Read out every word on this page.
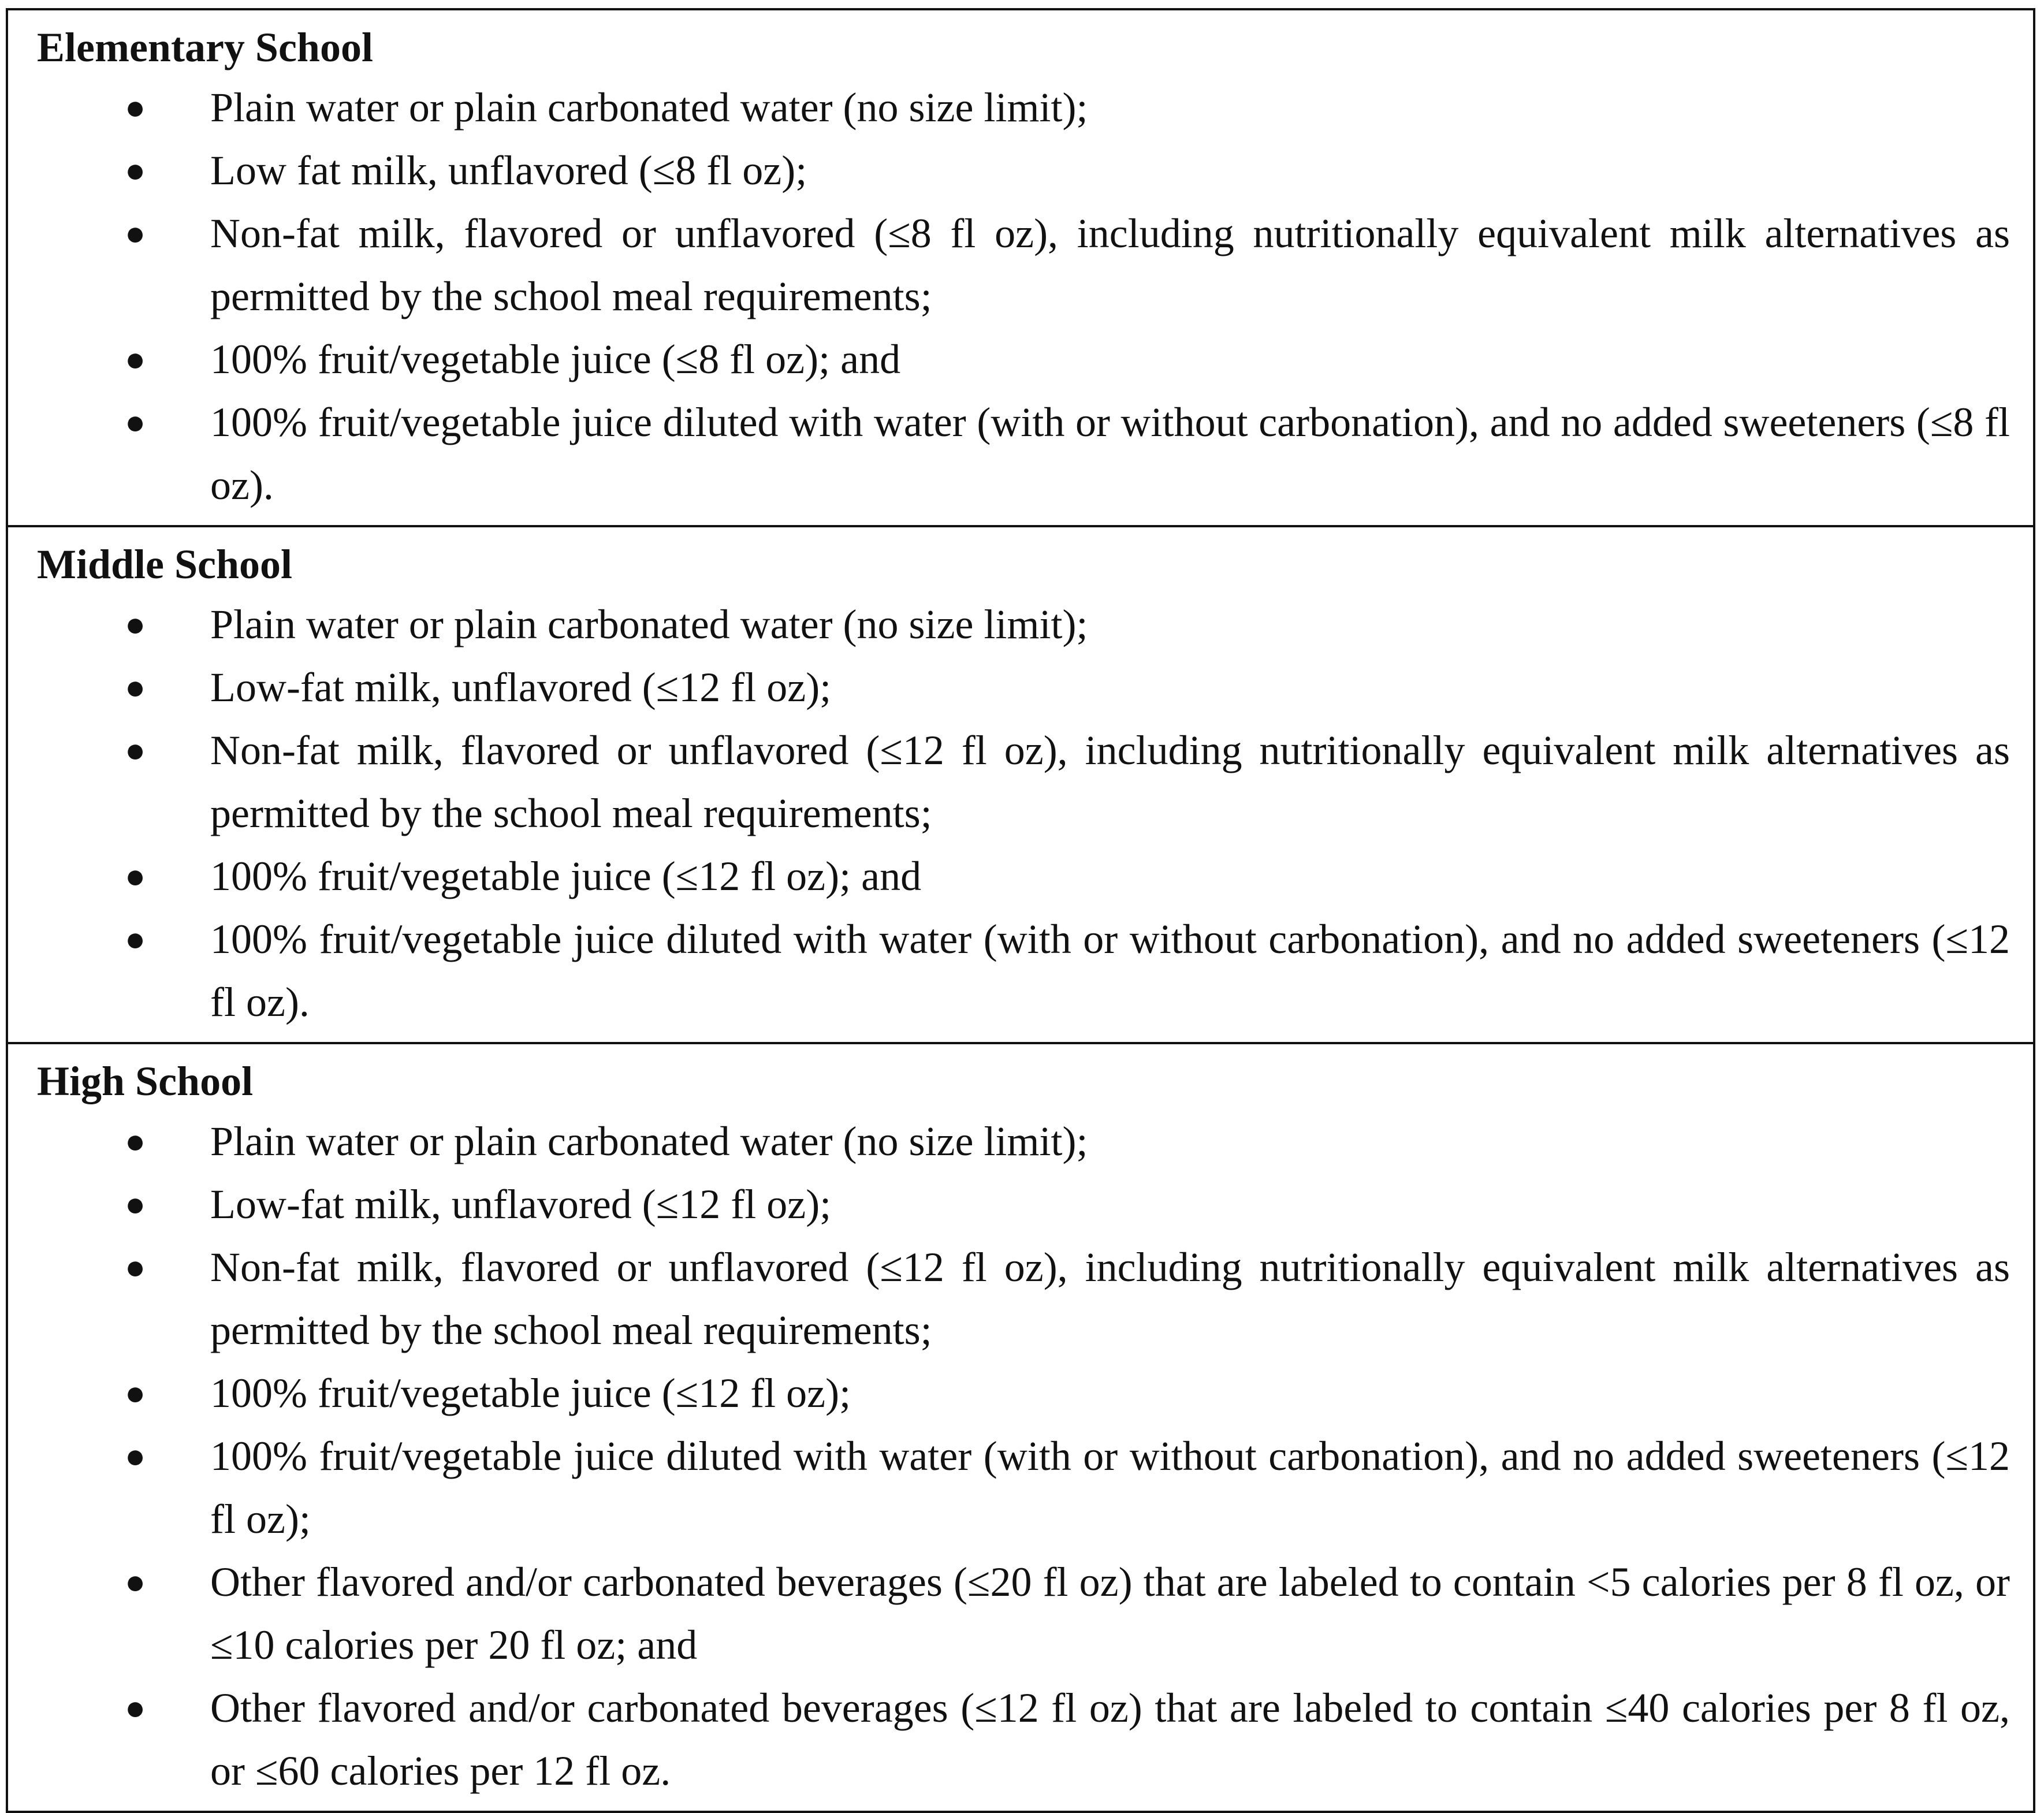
Elementary School
● Plain water or plain carbonated water (no size limit);
● Low fat milk, unflavored (≤8 fl oz);
● Non-fat milk, flavored or unflavored (≤8 fl oz), including nutritionally equivalent milk alternatives as permitted by the school meal requirements;
● 100% fruit/vegetable juice (≤8 fl oz); and
● 100% fruit/vegetable juice diluted with water (with or without carbonation), and no added sweeteners (≤8 fl oz).
Middle School
● Plain water or plain carbonated water (no size limit);
● Low-fat milk, unflavored (≤12 fl oz);
● Non-fat milk, flavored or unflavored (≤12 fl oz), including nutritionally equivalent milk alternatives as permitted by the school meal requirements;
● 100% fruit/vegetable juice (≤12 fl oz); and
● 100% fruit/vegetable juice diluted with water (with or without carbonation), and no added sweeteners (≤12 fl oz).
High School
● Plain water or plain carbonated water (no size limit);
● Low-fat milk, unflavored (≤12 fl oz);
● Non-fat milk, flavored or unflavored (≤12 fl oz), including nutritionally equivalent milk alternatives as permitted by the school meal requirements;
● 100% fruit/vegetable juice (≤12 fl oz);
● 100% fruit/vegetable juice diluted with water (with or without carbonation), and no added sweeteners (≤12 fl oz);
● Other flavored and/or carbonated beverages (≤20 fl oz) that are labeled to contain <5 calories per 8 fl oz, or ≤10 calories per 20 fl oz; and
● Other flavored and/or carbonated beverages (≤12 fl oz) that are labeled to contain ≤40 calories per 8 fl oz, or ≤60 calories per 12 fl oz.
